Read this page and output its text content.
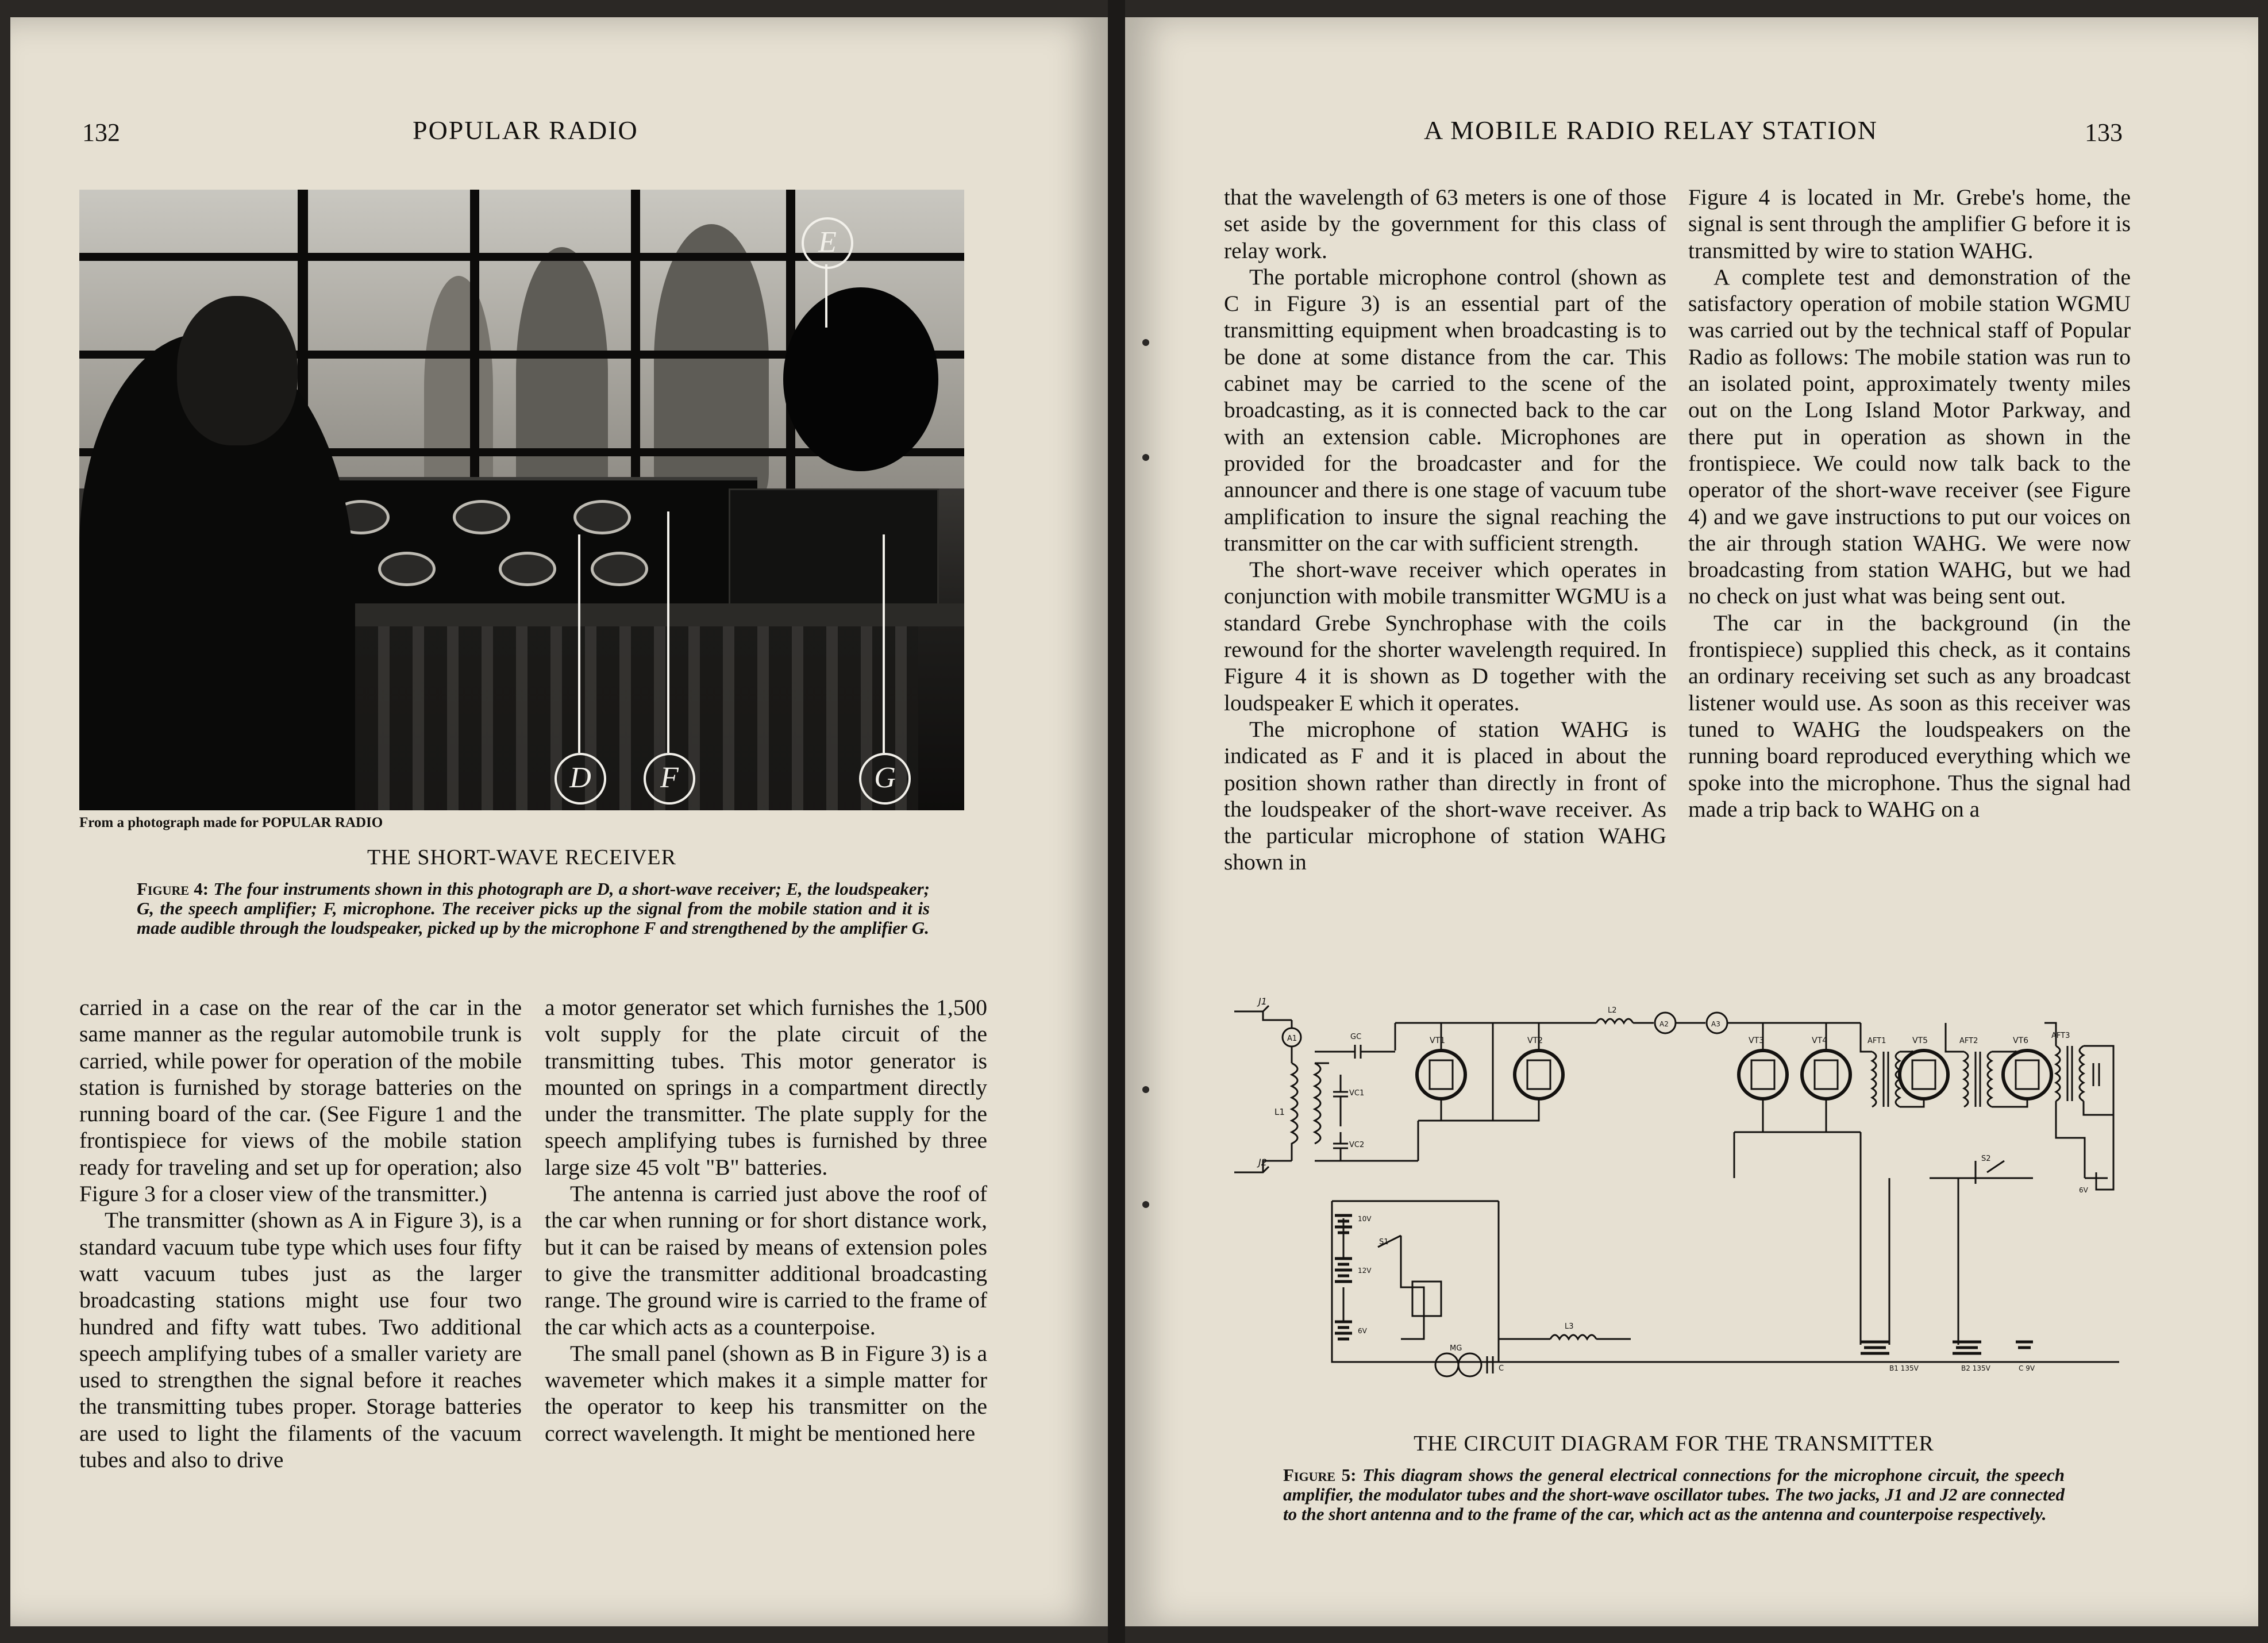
132	POPULAR RADIO
E
D	F	G
From a photograph made for POPULAR RADIO
THE SHORT-WAVE RECEIVER
Figure 4: The four instruments shown in this photograph are D, a short-wave receiver; E, the loudspeaker; G, the speech amplifier; F, microphone. The receiver picks up the signal from the mobile station and it is made audible through the loudspeaker, picked up by the microphone F and strengthened by the amplifier G.

carried in a case on the rear of the car in the same manner as the regular automobile trunk is carried, while power for operation of the mobile station is furnished by storage batteries on the running board of the car. (See Figure 1 and the frontispiece for views of the mobile station ready for traveling and set up for operation; also Figure 3 for a closer view of the transmitter.)

The transmitter (shown as A in Figure 3), is a standard vacuum tube type which uses four fifty watt vacuum tubes just as the larger broadcasting stations might use four two hundred and fifty watt tubes. Two additional speech amplifying tubes of a smaller variety are used to strengthen the signal before it reaches the transmitting tubes proper. Storage batteries are used to light the filaments of the vacuum tubes and also to drive

a motor generator set which furnishes the 1,500 volt supply for the plate circuit of the transmitting tubes. This motor generator is mounted on springs in a compartment directly under the transmitter. The plate supply for the speech amplifying tubes is furnished by three large size 45 volt "B" batteries.

The antenna is carried just above the roof of the car when running or for short distance work, but it can be raised by means of extension poles to give the transmitter additional broadcasting range. The ground wire is carried to the frame of the car which acts as a counterpoise.

The small panel (shown as B in Figure 3) is a wavemeter which makes it a simple matter for the operator to keep his transmitter on the correct wavelength. It might be mentioned here

A MOBILE RADIO RELAY STATION	133

that the wavelength of 63 meters is one of those set aside by the government for this class of relay work.

The portable microphone control (shown as C in Figure 3) is an essential part of the transmitting equipment when broadcasting is to be done at some distance from the car. This cabinet may be carried to the scene of the broadcasting, as it is connected back to the car with an extension cable. Microphones are provided for the broadcaster and for the announcer and there is one stage of vacuum tube amplification to insure the signal reaching the transmitter on the car with sufficient strength.

The short-wave receiver which operates in conjunction with mobile transmitter WGMU is a standard Grebe Synchrophase with the coils rewound for the shorter wavelength required. In Figure 4 it is shown as D together with the loudspeaker E which it operates.

The microphone of station WAHG is indicated as F and it is placed in about the position shown rather than directly in front of the loudspeaker of the short-wave receiver. As the particular microphone of station WAHG shown in

Figure 4 is located in Mr. Grebe's home, the signal is sent through the amplifier G before it is transmitted by wire to station WAHG.

A complete test and demonstration of the satisfactory operation of mobile station WGMU was carried out by the technical staff of Popular Radio as follows: The mobile station was run to an isolated point, approximately twenty miles out on the Long Island Motor Parkway, and there put in operation as shown in the frontispiece. We could now talk back to the operator of the short-wave receiver (see Figure 4) and we gave instructions to put our voices on the air through station WAHG. We were now broadcasting from station WAHG, but we had no check on just what was being sent out.

The car in the background (in the frontispiece) supplied this check, as it contains an ordinary receiving set such as any broadcast listener would use. As soon as this receiver was tuned to WAHG the loudspeakers on the running board reproduced everything which we spoke into the microphone. Thus the signal had made a trip back to WAHG on a

J1
J2
A1
L1
GC
VC1
VC2
L2
A2	A3
VT1	VT2	VT3	VT4	VT5	VT6
AFT1	AFT2
AFT3
6V
10V
12V
6V
S1
MG
C
L3
S2
B1 135V	B2 135V	C 9V
THE CIRCUIT DIAGRAM FOR THE TRANSMITTER
Figure 5: This diagram shows the general electrical connections for the microphone circuit, the speech amplifier, the modulator tubes and the short-wave oscillator tubes. The two jacks, J1 and J2 are connected to the short antenna and to the frame of the car, which act as the antenna and counterpoise respectively.
